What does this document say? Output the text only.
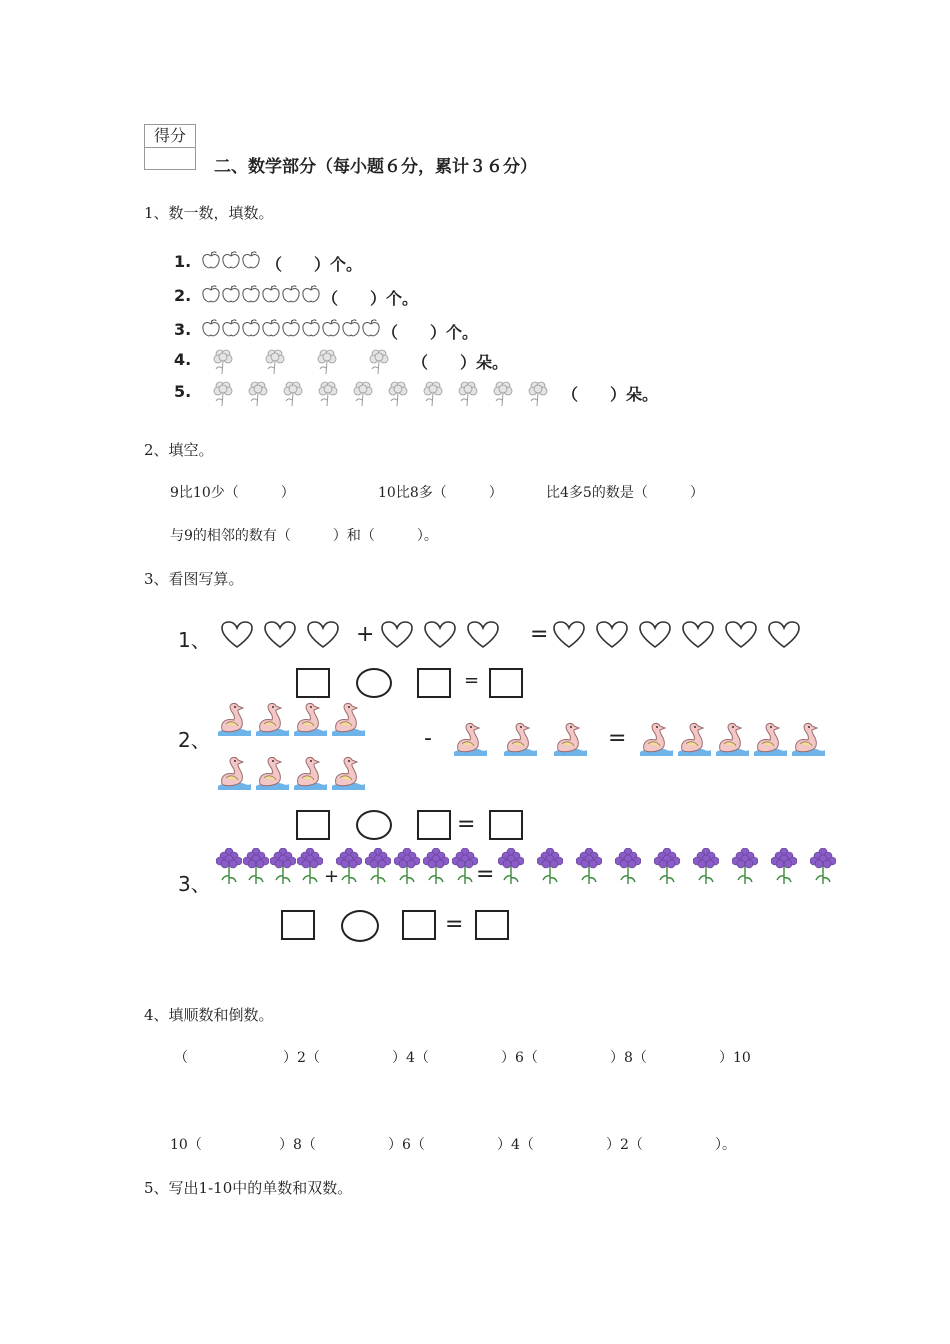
得分
二、数学部分（每小题６分，累计３６分）
1、数一数，填数。
1.	（　　）个。
2.	（　　）个。
3.	（　　）个。
4.	（　　）朵。
5.	（　　）朵。
2、填空。
9比10少（　　　）	10比8多（　　　）	比4多5的数是（　　　）
与9的相邻的数有（　　　）和（　　　）。
3、看图写算。
1、	+	=
=
2、	-	=
=
3、	+	=
=
4、填顺数和倒数。
（	）2（	）4（	）6（	）8（	）10
10（	）8（	）6（	）4（	）2（	）。
5、写出1-10中的单数和双数。
